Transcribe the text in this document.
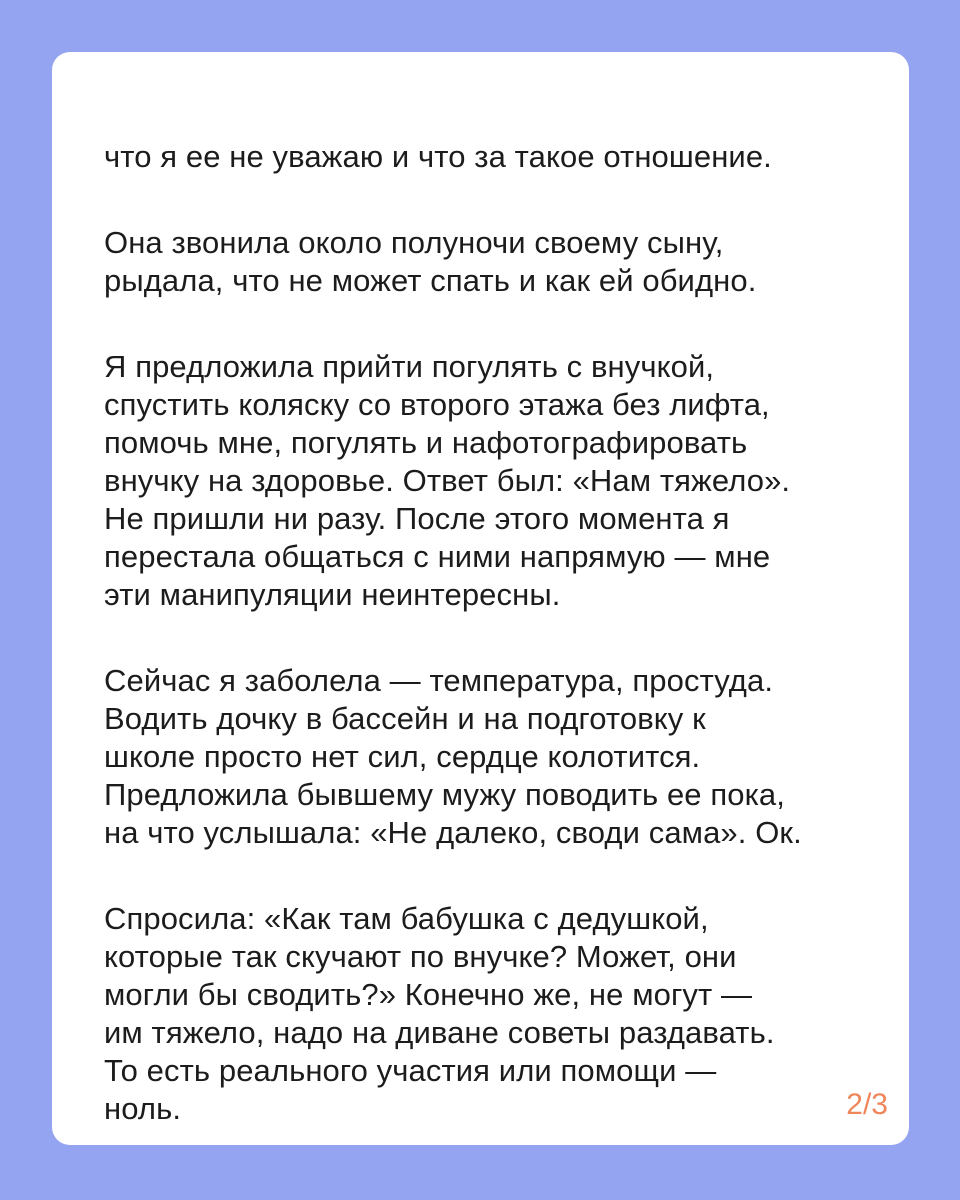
что я ее не уважаю и что за такое отношение.

Она звонила около полуночи своему сыну,
рыдала, что не может спать и как ей обидно.

Я предложила прийти погулять с внучкой,
спустить коляску со второго этажа без лифта,
помочь мне, погулять и нафотографировать
внучку на здоровье. Ответ был: «Нам тяжело».
Не пришли ни разу. После этого момента я
перестала общаться с ними напрямую — мне
эти манипуляции неинтересны.

Сейчас я заболела — температура, простуда.
Водить дочку в бассейн и на подготовку к
школе просто нет сил, сердце колотится.
Предложила бывшему мужу поводить ее пока,
на что услышала: «Не далеко, своди сама». Ок.

Спросила: «Как там бабушка с дедушкой,
которые так скучают по внучке? Может, они
могли бы сводить?» Конечно же, не могут —
им тяжело, надо на диване советы раздавать.
То есть реального участия или помощи —
ноль.	2/3
